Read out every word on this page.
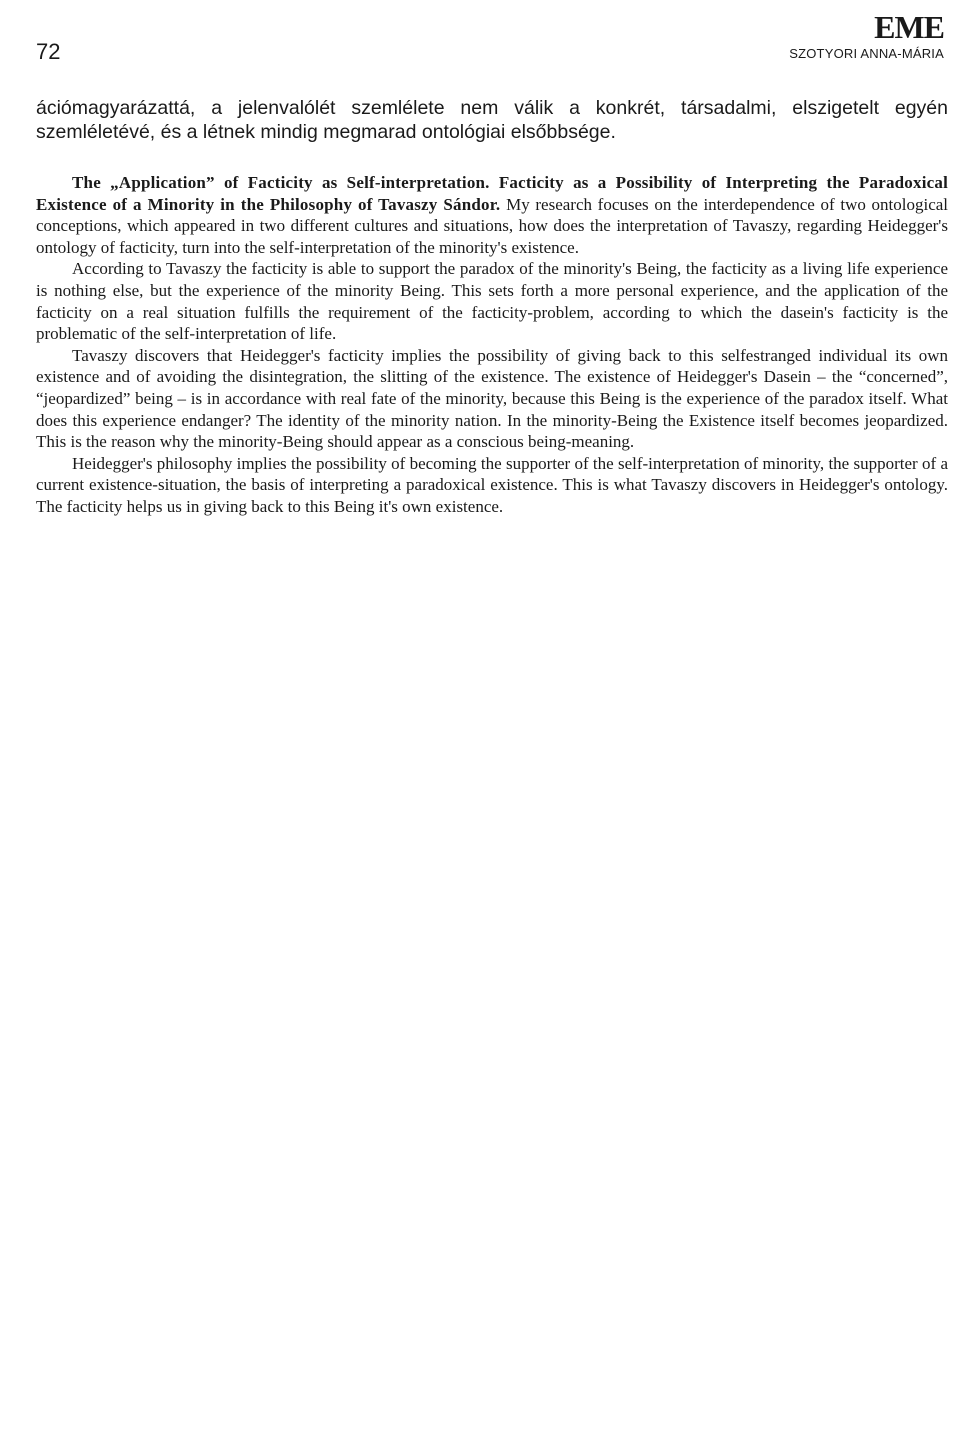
72
EME
SZOTYORI ANNA-MÁRIA

ációmagyarázattá, a jelenvalólét szemlélete nem válik a konkrét, társadalmi, elszigetelt egyén szemléletévé, és a létnek mindig megmarad ontológiai elsőbbsége.

The „Application” of Facticity as Self-interpretation. Facticity as a Possibility of Interpreting the Paradoxical Existence of a Minority in the Philosophy of Tavaszy Sándor. My research focuses on the interdependence of two ontological conceptions, which appeared in two different cultures and situations, how does the interpretation of Tavaszy, regarding Heidegger's ontology of facticity, turn into the self-interpretation of the minority's existence.

According to Tavaszy the facticity is able to support the paradox of the minority's Being, the facticity as a living life experience is nothing else, but the experience of the minority Being. This sets forth a more personal experience, and the application of the facticity on a real situation fulfills the requirement of the facticity-problem, according to which the dasein's facticity is the problematic of the self-interpretation of life.

Tavaszy discovers that Heidegger's facticity implies the possibility of giving back to this selfestranged individual its own existence and of avoiding the disintegration, the slitting of the existence. The existence of Heidegger's Dasein – the “concerned”, “jeopardized” being – is in accordance with real fate of the minority, because this Being is the experience of the paradox itself. What does this experience endanger? The identity of the minority nation. In the minority-Being the Existence itself becomes jeopardized. This is the reason why the minority-Being should appear as a conscious being-meaning.

Heidegger's philosophy implies the possibility of becoming the supporter of the self-interpretation of minority, the supporter of a current existence-situation, the basis of interpreting a paradoxical existence. This is what Tavaszy discovers in Heidegger's ontology. The facticity helps us in giving back to this Being it's own existence.
